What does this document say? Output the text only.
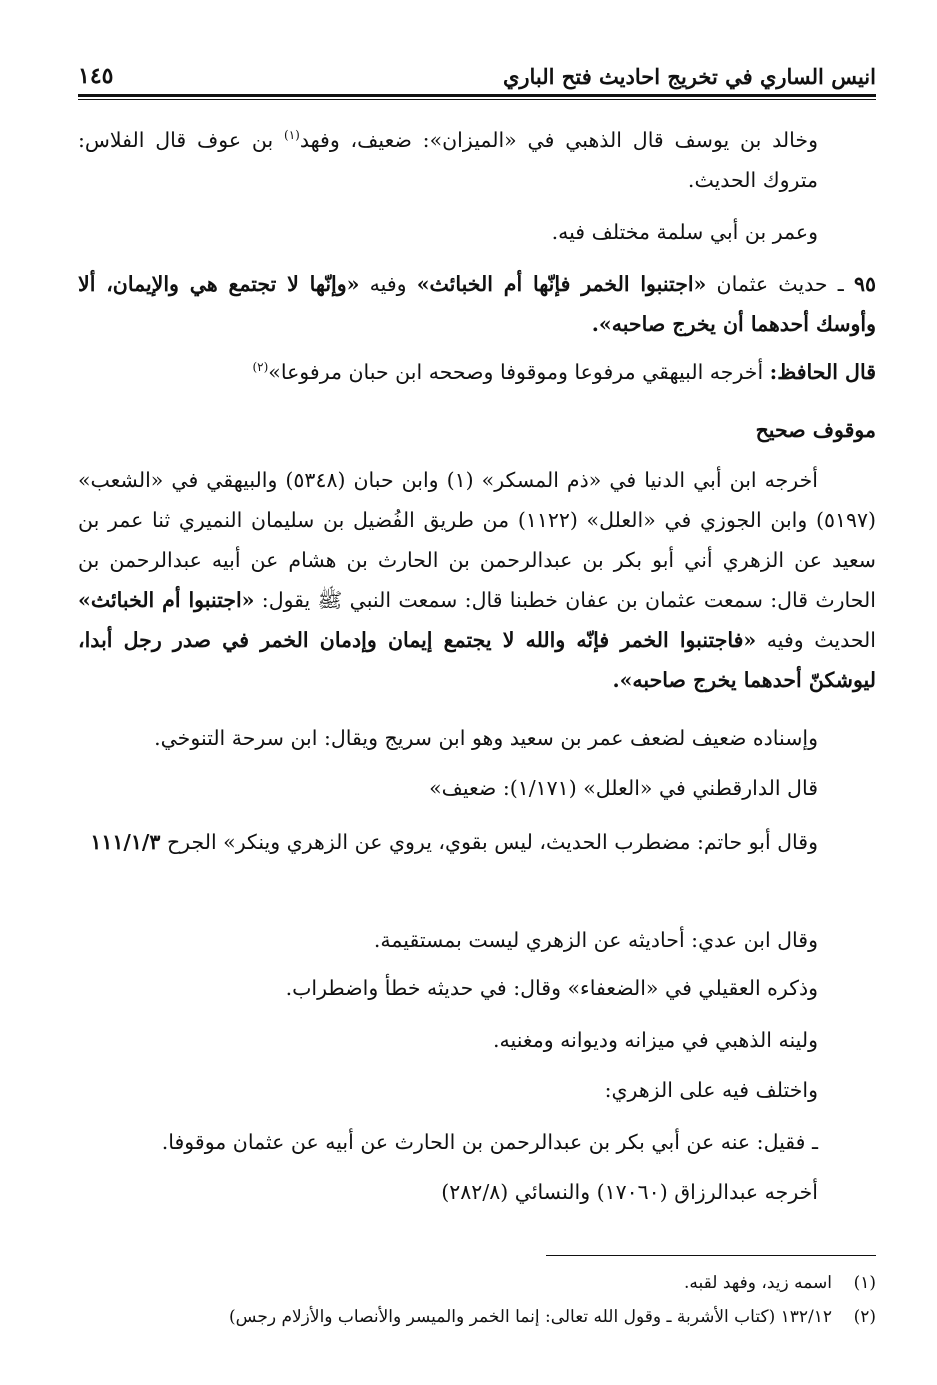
انيس الساري في تخريج احاديث فتح الباري
١٤٥
وخالد بن يوسف قال الذهبي في «الميزان»: ضعيف، وفهد$^{(١)}$ بن عوف قال الفلاس: متروك الحديث.
وعمر بن أبي سلمة مختلف فيه.
٩٥ ـ حديث عثمان «اجتنبوا الخمر فإنّها أم الخبائث» وفيه «وإنّها لا تجتمع هي والإيمان، ألا وأوسك أحدهما أن يخرج صاحبه».
قال الحافظ: أخرجه البيهقي مرفوعا وموقوفا وصححه ابن حبان مرفوعا»$^{(٢)}$
موقوف صحيح
أخرجه ابن أبي الدنيا في «ذم المسكر» (١) وابن حبان (٥٣٤٨) والبيهقي في «الشعب» (٥١٩٧) وابن الجوزي في «العلل» (١١٢٢) من طريق الفُضيل بن سليمان النميري ثنا عمر بن سعيد عن الزهري أني أبو بكر بن عبدالرحمن بن الحارث بن هشام عن أبيه عبدالرحمن بن الحارث قال: سمعت عثمان بن عفان خطبنا قال: سمعت النبي ﷺ يقول: «اجتنبوا أم الخبائث» الحديث وفيه «فاجتنبوا الخمر فإنّه والله لا يجتمع إيمان وإدمان الخمر في صدر رجل أبدا، ليوشكنّ أحدهما يخرج صاحبه».
وإسناده ضعيف لضعف عمر بن سعيد وهو ابن سريج ويقال: ابن سرحة التنوخي.
قال الدارقطني في «العلل» (١/١٧١): ضعيف»
وقال أبو حاتم: مضطرب الحديث، ليس بقوي، يروي عن الزهري وينكر» الجرح ١١١/١/٣
وقال ابن عدي: أحاديثه عن الزهري ليست بمستقيمة.
وذكره العقيلي في «الضعفاء» وقال: في حديثه خطأ واضطراب.
ولينه الذهبي في ميزانه وديوانه ومغنيه.
واختلف فيه على الزهري:
ـ فقيل: عنه عن أبي بكر بن عبدالرحمن بن الحارث عن أبيه عن عثمان موقوفا.
أخرجه عبدالرزاق (١٧٠٦٠) والنسائي (٢٨٢/٨)
(١)اسمه زيد، وفهد لقبه.
(٢)١٣٢/١٢ (كتاب الأشربة ـ وقول الله تعالى: إنما الخمر والميسر والأنصاب والأزلام رجس)
